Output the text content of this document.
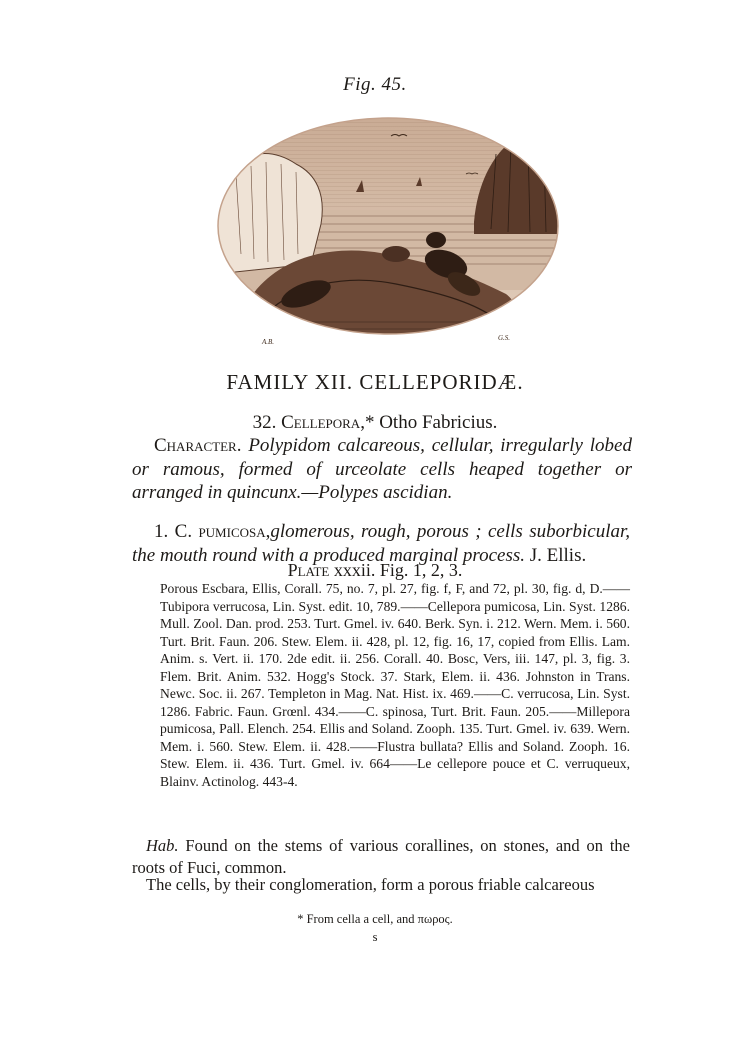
Fig. 45.
A.B.	G.S.
FAMILY XII. CELLEPORIDÆ.
32. Cellepora,* Otho Fabricius.
Character. Polypidom calcareous, cellular, irregularly lobed or ramous, formed of urceolate cells heaped together or arranged in quincunx.—Polypes ascidian.
1. C. pumicosa,glomerous, rough, porous ; cells suborbicular, the mouth round with a produced marginal process. J. Ellis.
Plate xxxii. Fig. 1, 2, 3.

Porous Escbara, Ellis, Corall. 75, no. 7, pl. 27, fig. f, F, and 72, pl. 30, fig. d, D.——Tubipora verrucosa, Lin. Syst. edit. 10, 789.——Cellepora pumicosa, Lin. Syst. 1286. Mull. Zool. Dan. prod. 253. Turt. Gmel. iv. 640. Berk. Syn. i. 212. Wern. Mem. i. 560. Turt. Brit. Faun. 206. Stew. Elem. ii. 428, pl. 12, fig. 16, 17, copied from Ellis. Lam. Anim. s. Vert. ii. 170. 2de edit. ii. 256. Corall. 40. Bosc, Vers, iii. 147, pl. 3, fig. 3. Flem. Brit. Anim. 532. Hogg's Stock. 37. Stark, Elem. ii. 436. Johnston in Trans. Newc. Soc. ii. 267. Templeton in Mag. Nat. Hist. ix. 469.——C. verrucosa, Lin. Syst. 1286. Fabric. Faun. Grœnl. 434.——C. spinosa, Turt. Brit. Faun. 205.——Millepora pumicosa, Pall. Elench. 254. Ellis and Soland. Zooph. 135. Turt. Gmel. iv. 639. Wern. Mem. i. 560. Stew. Elem. ii. 428.——Flustra bullata? Ellis and Soland. Zooph. 16. Stew. Elem. ii. 436. Turt. Gmel. iv. 664——Le cellepore pouce et C. verruqueux, Blainv. Actinolog. 443-4.

Hab. Found on the stems of various corallines, on stones, and on the roots of Fuci, common.
The cells, by their conglomeration, form a porous friable calcareous
* From cella a cell, and πωρος.
s
